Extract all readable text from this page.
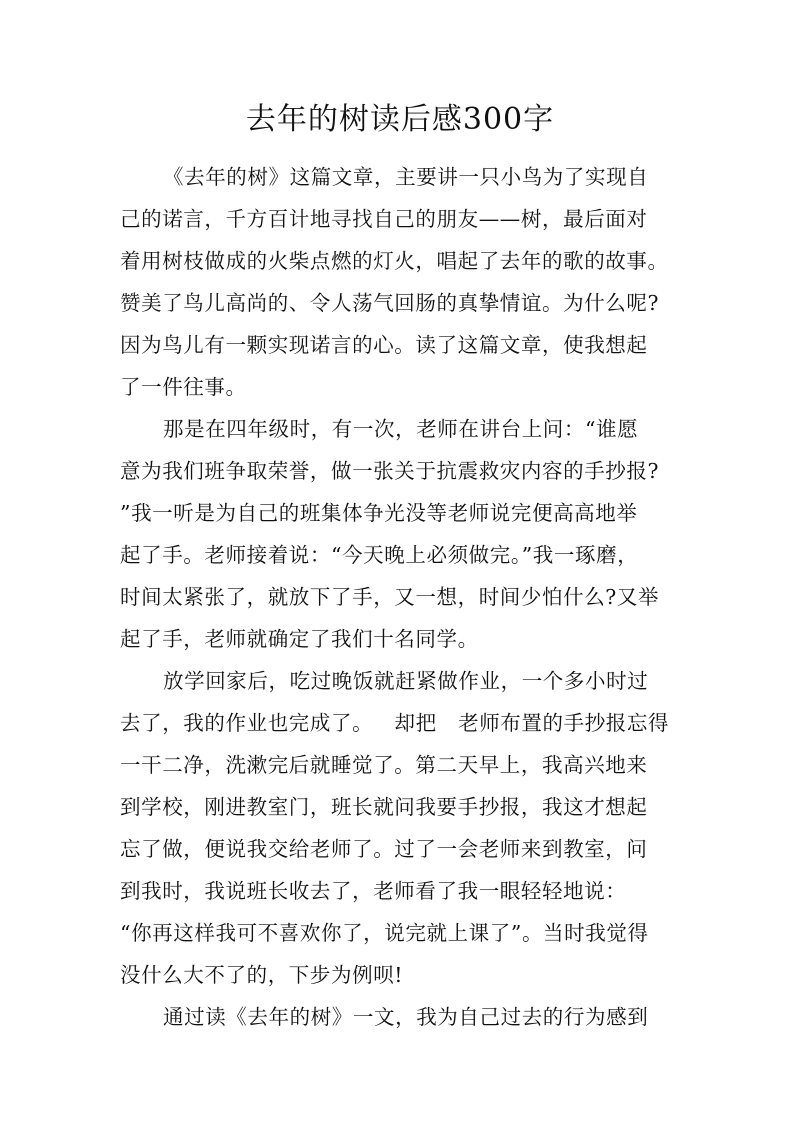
去年的树读后感300字
《去年的树》这篇文章，主要讲一只小鸟为了实现自
己的诺言，千方百计地寻找自己的朋友——树，最后面对
着用树枝做成的火柴点燃的灯火，唱起了去年的歌的故事。
赞美了鸟儿高尚的、令人荡气回肠的真挚情谊。为什么呢?
因为鸟儿有一颗实现诺言的心。读了这篇文章，使我想起
了一件往事。
那是在四年级时，有一次，老师在讲台上问：“谁愿
意为我们班争取荣誉，做一张关于抗震救灾内容的手抄报?
”我一听是为自己的班集体争光没等老师说完便高高地举
起了手。老师接着说：“今天晚上必须做完。”我一琢磨，
时间太紧张了，就放下了手，又一想，时间少怕什么?又举
起了手，老师就确定了我们十名同学。
放学回家后，吃过晚饭就赶紧做作业，一个多小时过
去了，我的作业也完成了。   却把   老师布置的手抄报忘得
一干二净，洗漱完后就睡觉了。第二天早上，我高兴地来
到学校，刚进教室门，班长就问我要手抄报，我这才想起
忘了做，便说我交给老师了。过了一会老师来到教室，问
到我时，我说班长收去了，老师看了我一眼轻轻地说：
“你再这样我可不喜欢你了，说完就上课了”。当时我觉得
没什么大不了的，下步为例呗!
通过读《去年的树》一文，我为自己过去的行为感到
